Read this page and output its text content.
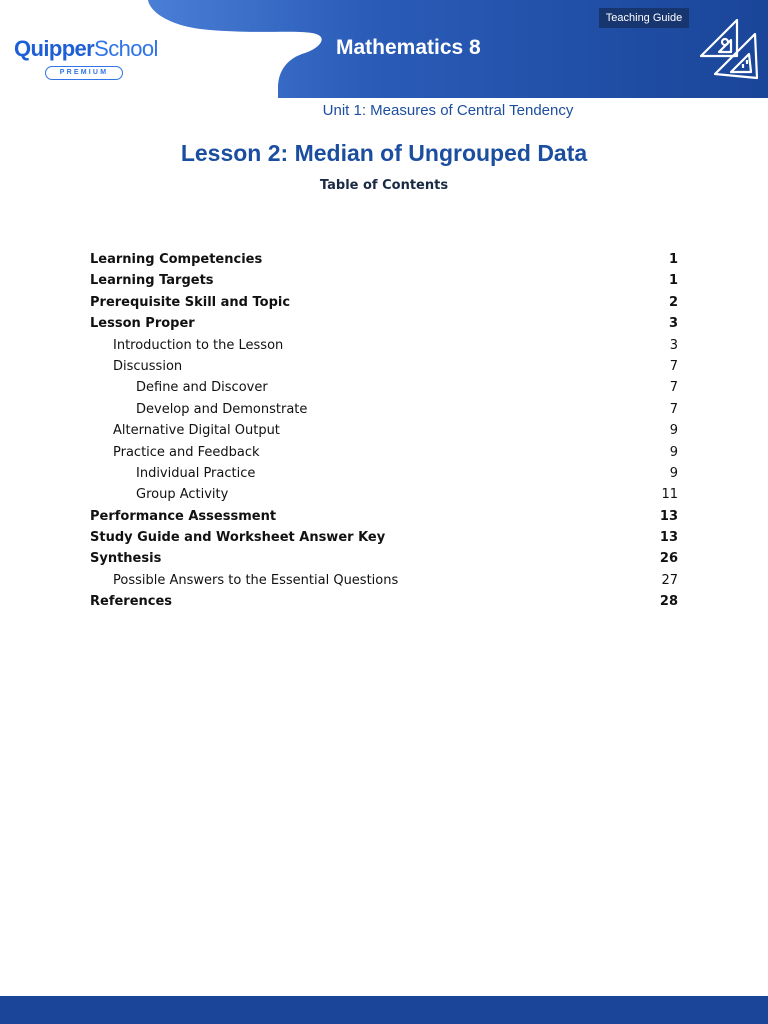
QuipperSchool
PREMIUM
Mathematics 8
Teaching Guide
Unit 1: Measures of Central Tendency
Lesson 2: Median of Ungrouped Data
Table of Contents
Learning Competencies	1
Learning Targets	1
Prerequisite Skill and Topic	2
Lesson Proper	3
Introduction to the Lesson	3
Discussion	7
Define and Discover	7
Develop and Demonstrate	7
Alternative Digital Output	9
Practice and Feedback	9
Individual Practice	9
Group Activity	11
Performance Assessment	13
Study Guide and Worksheet Answer Key	13
Synthesis	26
Possible Answers to the Essential Questions	27
References	28
